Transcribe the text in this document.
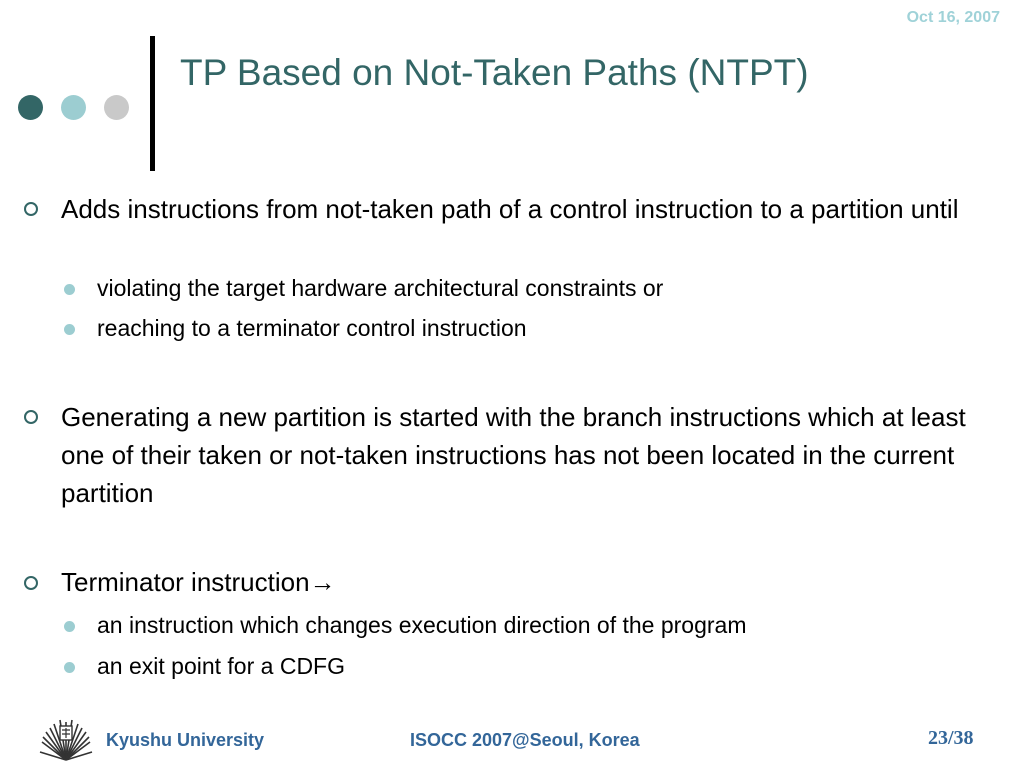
Oct 16, 2007
TP Based on Not-Taken Paths (NTPT)
Adds instructions from not-taken path of a control instruction to a partition until
violating the target hardware architectural constraints or
reaching to a terminator control instruction
Generating a new partition is started with the branch instructions which at least one of their taken or not-taken instructions has not been located in the current partition
Terminator instruction→
an instruction which changes execution direction of the program
an exit point for a CDFG
Kyushu University	ISOCC 2007@Seoul, Korea	23/38
